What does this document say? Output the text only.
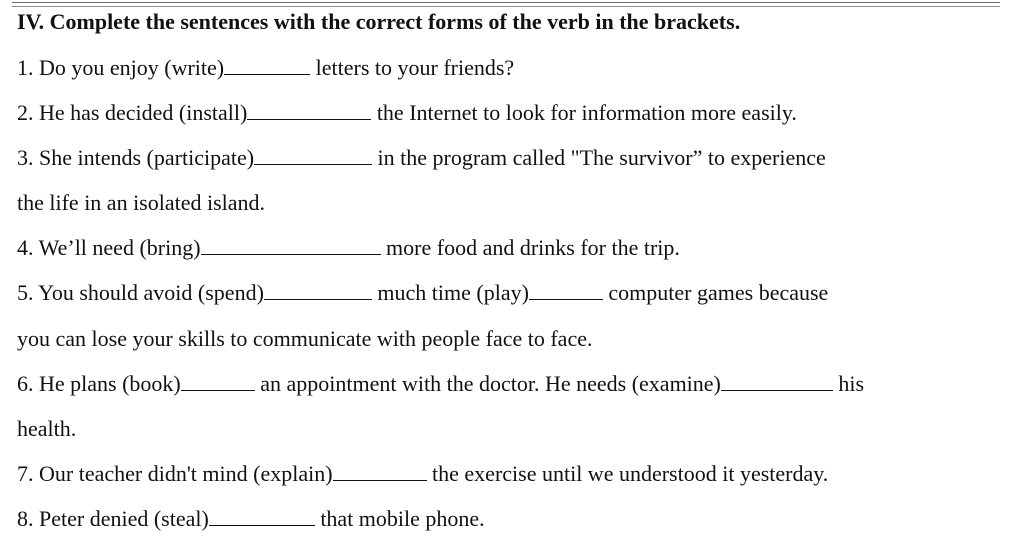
IV. Complete the sentences with the correct forms of the verb in the brackets.
1. Do you enjoy (write)	letters to your friends?
2. He has decided (install)	the Internet to look for information more easily.
3. She intends (participate)	in the program called "The survivor” to experience
the life in an isolated island.
4. We’ll need (bring)	more food and drinks for the trip.
5. You should avoid (spend)	much time (play)	computer games because
you can lose your skills to communicate with people face to face.
6. He plans (book)	an appointment with the doctor. He needs (examine)	his
health.
7. Our teacher didn't mind (explain)	the exercise until we understood it yesterday.
8. Peter denied (steal)	that mobile phone.
